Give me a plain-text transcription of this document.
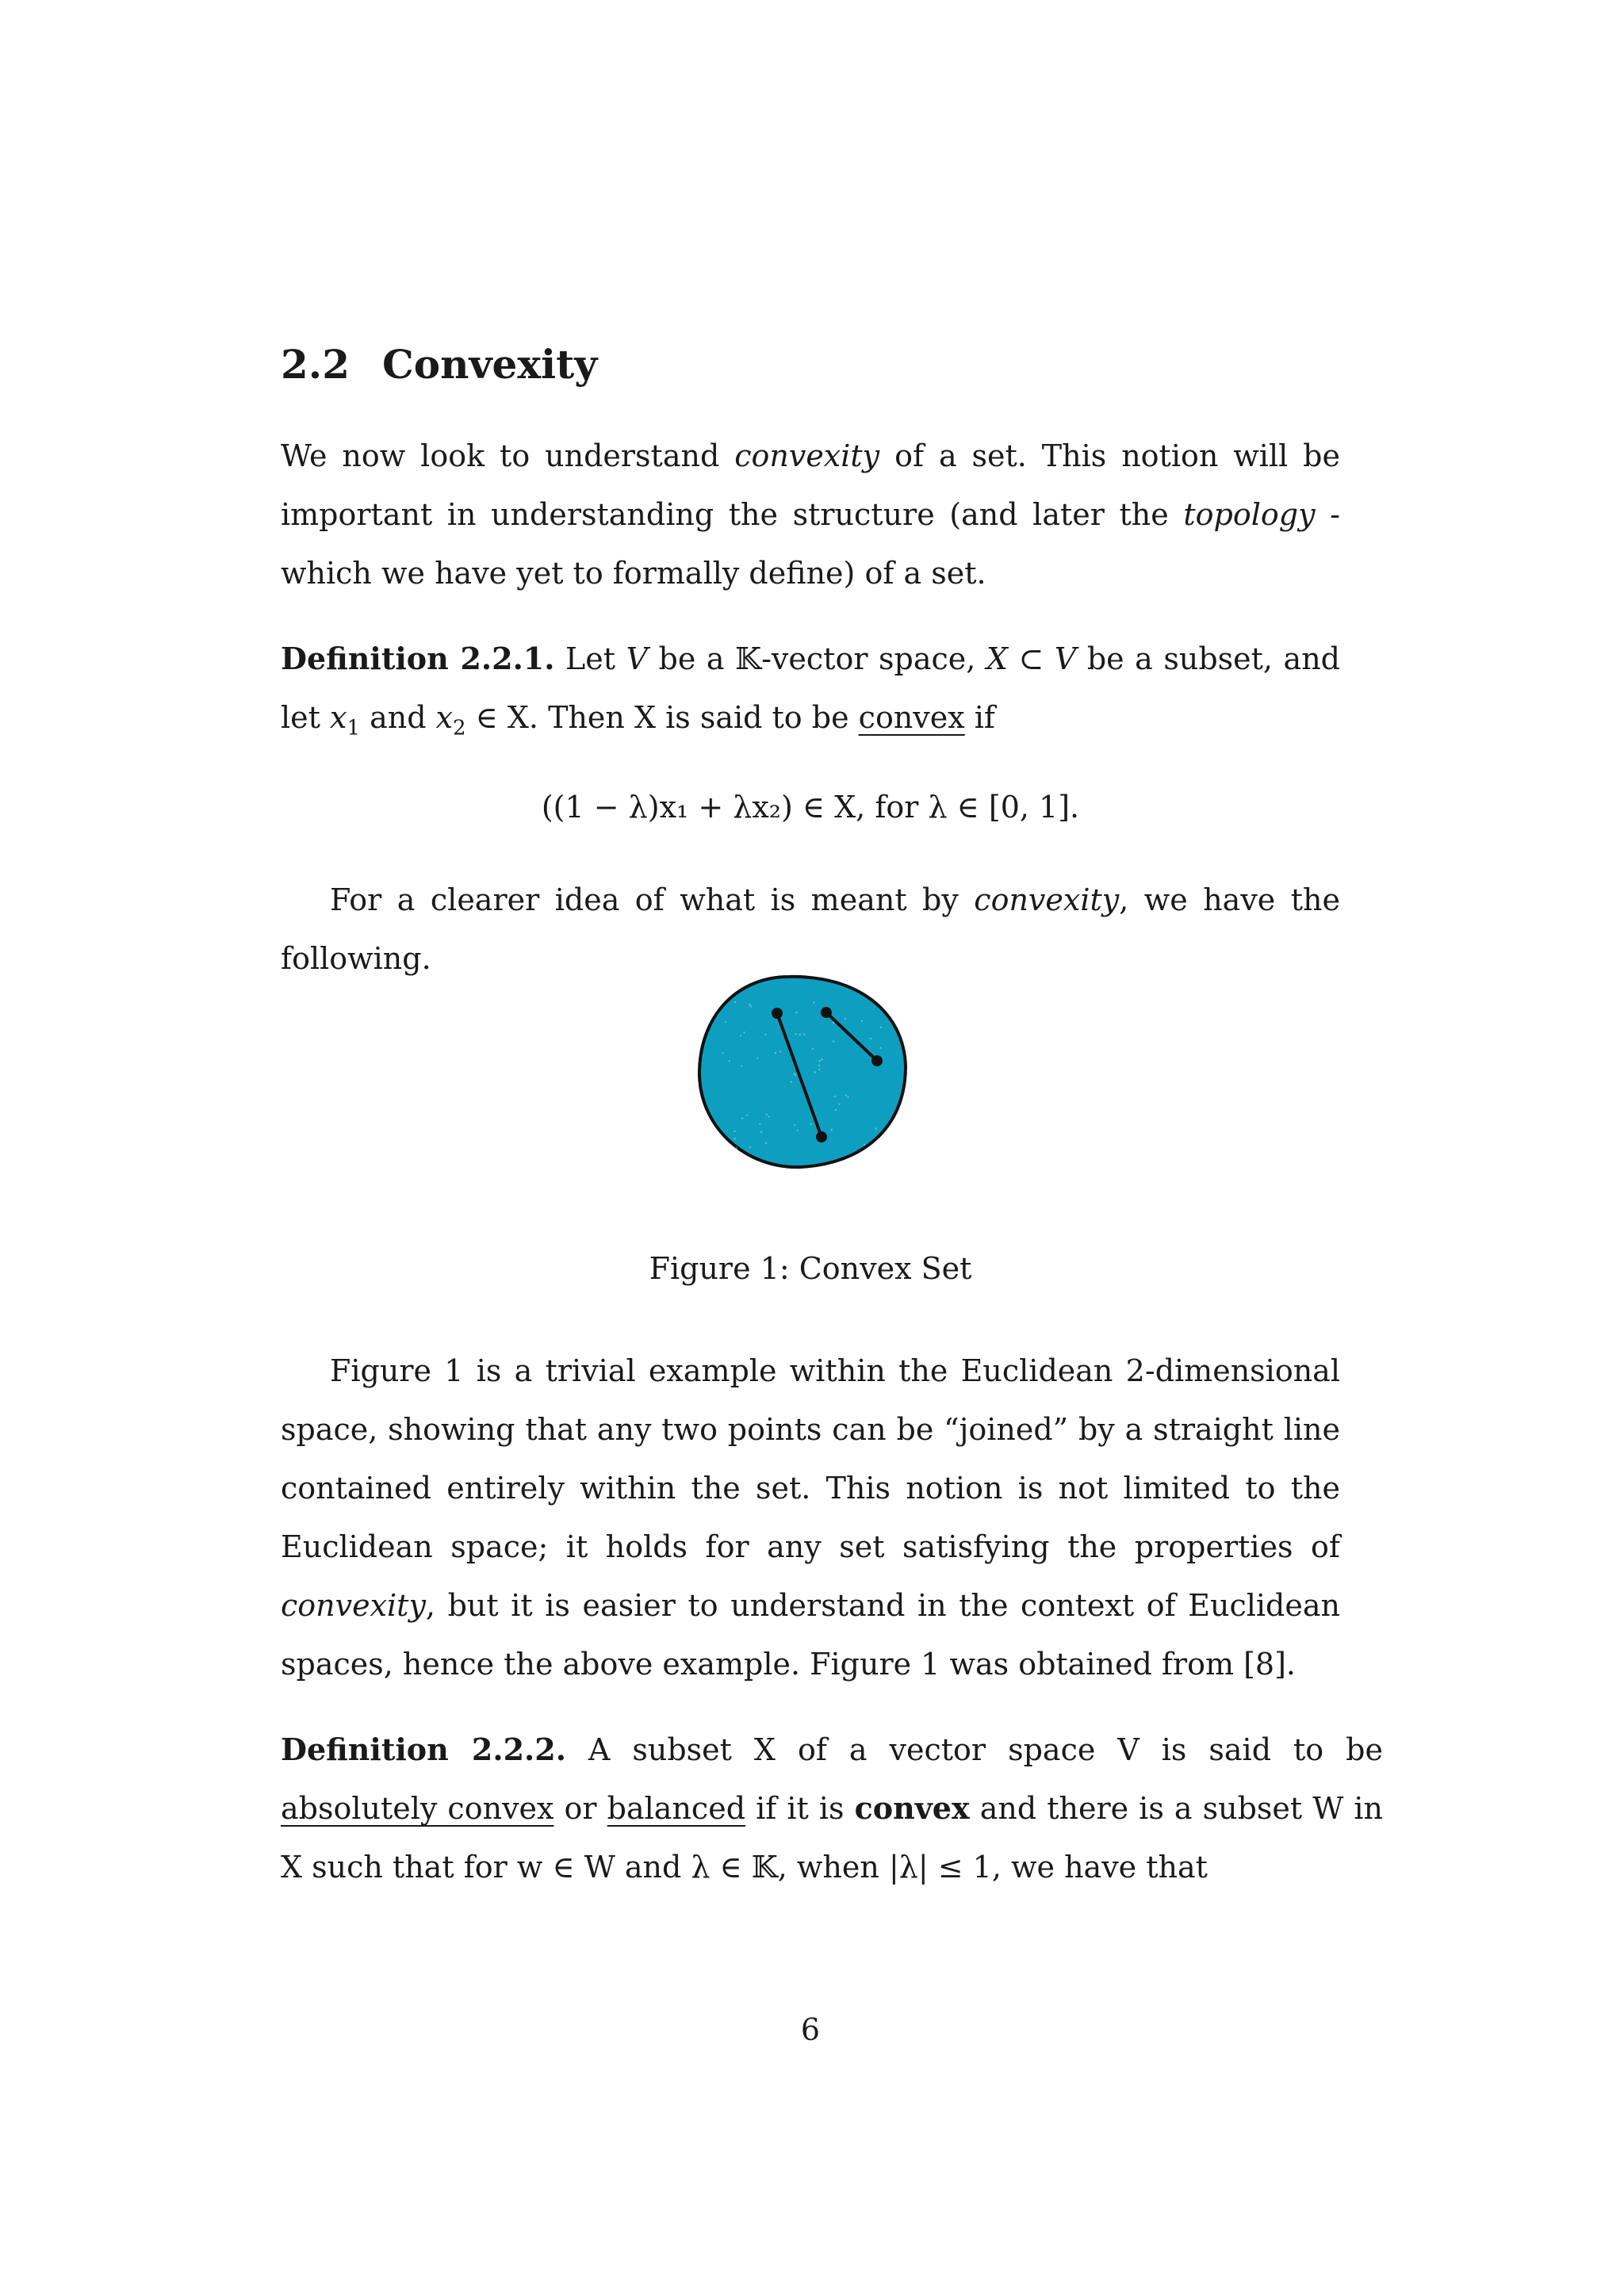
2.2 Convexity

We now look to understand convexity of a set. This notion will be important in understanding the structure (and later the topology - which we have yet to formally define) of a set.

Definition 2.2.1. Let V be a 𝕂-vector space, X ⊂ V be a subset, and let $x_1$ and $x_2$ ∈ X. Then X is said to be convex if

((1 − λ)x₁ + λx₂) ∈ X, for λ ∈ [0, 1].

For a clearer idea of what is meant by convexity, we have the following.

Figure 1: Convex Set

Figure 1 is a trivial example within the Euclidean 2-dimensional space, showing that any two points can be “joined” by a straight line contained entirely within the set. This notion is not limited to the Euclidean space; it holds for any set satisfying the properties of convexity, but it is easier to understand in the context of Euclidean spaces, hence the above example. Figure 1 was obtained from [8].

Definition 2.2.2. A subset X of a vector space V is said to be absolutely convex or balanced if it is convex and there is a subset W in X such that for w ∈ W and λ ∈ 𝕂, when |λ| ≤ 1, we have that

6
